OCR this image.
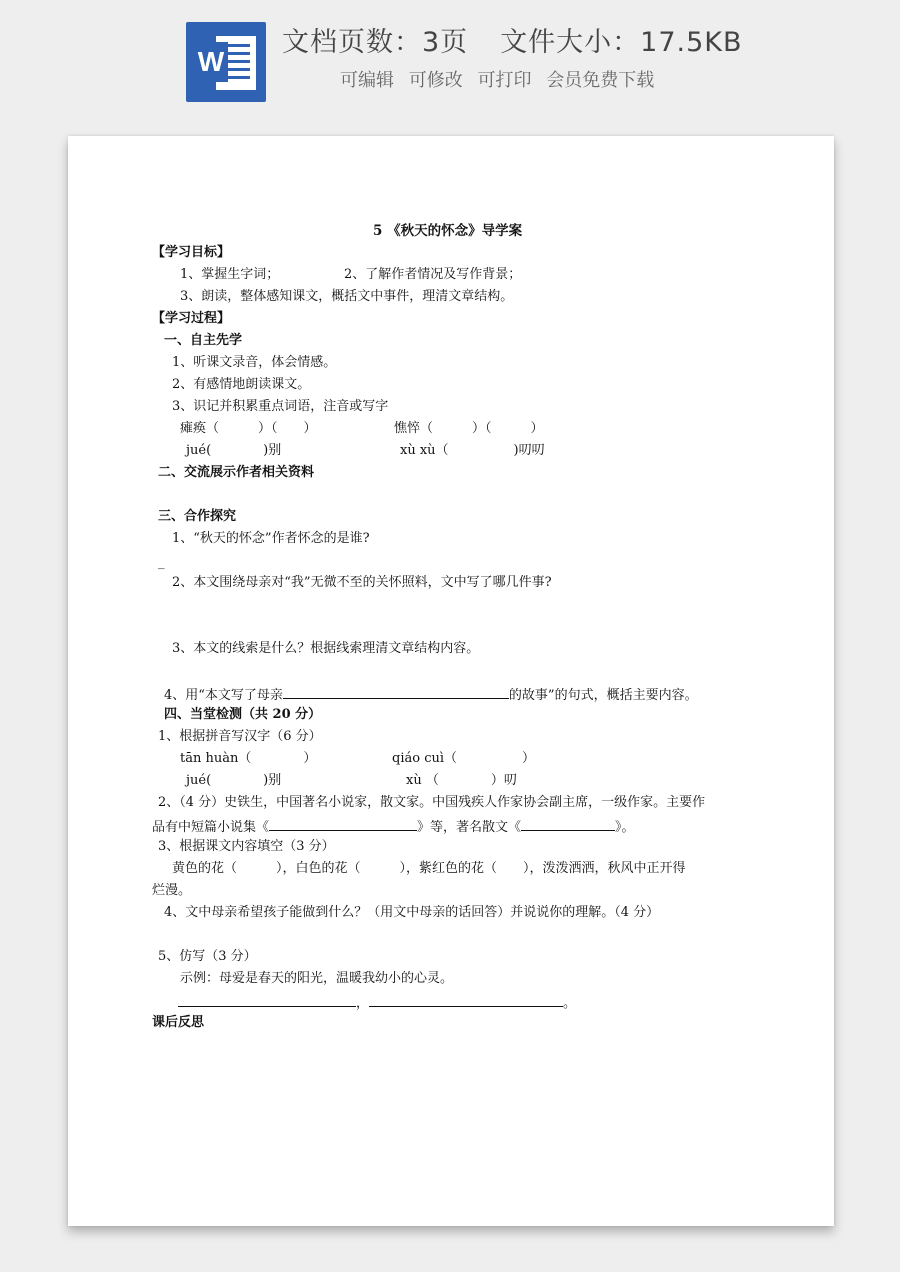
W
文档页数：3页 文件大小：17.5KB
可编辑 可修改 可打印 会员免费下载
5 《秋天的怀念》导学案
【学习目标】
1、掌握生字词；	2、了解作者情况及写作背景；
3、朗读，整体感知课文，概括文中事件，理清文章结构。
【学习过程】
一、自主先学
1、听课文录音，体会情感。
2、有感情地朗读课文。
3、识记并积累重点词语，注音或写字
瘫痪（　　　）（　　）	憔悴（　　　）（　　　）
jué(　　　　)别	xù xù（　　　　　)叨叨
二、交流展示作者相关资料
三、合作探究
1、“秋天的怀念”作者怀念的是谁?
_
2、本文围绕母亲对“我”无微不至的关怀照料，文中写了哪几件事?
3、本文的线索是什么？根据线索理清文章结构内容。
4、用“本文写了母亲	的故事”的句式，概括主要内容。
四、当堂检测（共 20 分）
1、根据拼音写汉字（6 分）
tān huàn（　　　　）	qiáo cuì（　　　　　）
jué(　　　　)别	xù （　　　　）叨
2、（4 分）史铁生，中国著名小说家，散文家。中国残疾人作家协会副主席，一级作家。主要作
品有中短篇小说集《	》等，著名散文《	》。
3、根据课文内容填空（3 分）
黄色的花（　　　），白色的花（　　　），紫红色的花（　　），泼泼洒洒，秋风中正开得
烂漫。
4、文中母亲希望孩子能做到什么？（用文中母亲的话回答）并说说你的理解。（4 分）
5、仿写（3 分）
示例：母爱是春天的阳光，温暖我幼小的心灵。
，	。
课后反思
